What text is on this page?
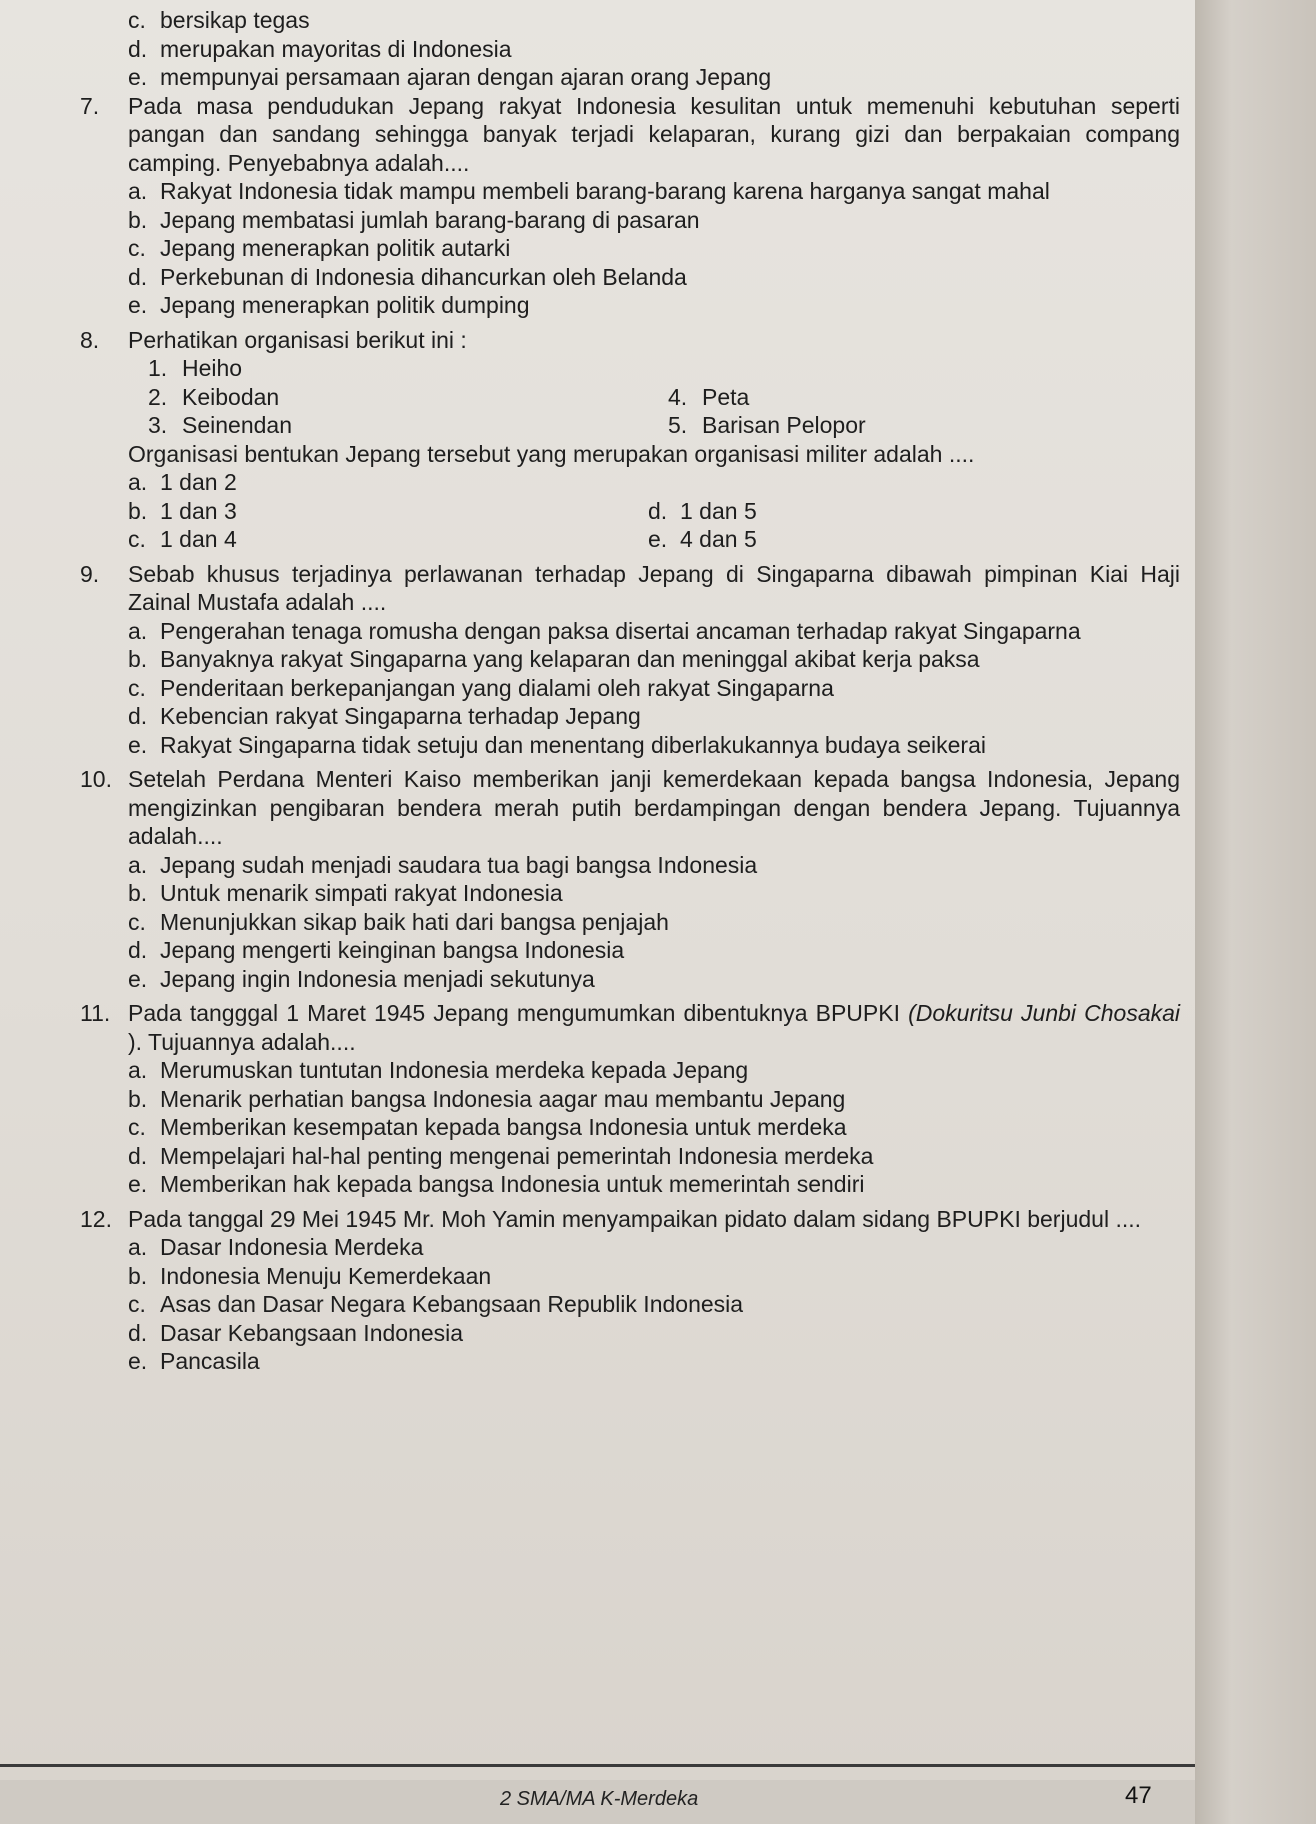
c. bersikap tegas
d. merupakan mayoritas di Indonesia
e. mempunyai persamaan ajaran dengan ajaran orang Jepang
7. Pada masa pendudukan Jepang rakyat Indonesia kesulitan untuk memenuhi kebutuhan seperti pangan dan sandang sehingga banyak terjadi kelaparan, kurang gizi dan berpakaian compang camping. Penyebabnya adalah....
a. Rakyat Indonesia tidak mampu membeli barang-barang karena harganya sangat mahal
b. Jepang membatasi jumlah barang-barang di pasaran
c. Jepang menerapkan politik autarki
d. Perkebunan di Indonesia dihancurkan oleh Belanda
e. Jepang menerapkan politik dumping
8. Perhatikan organisasi berikut ini :
1. Heiho
2. Keibodan	4. Peta
3. Seinendan	5. Barisan Pelopor
Organisasi bentukan Jepang tersebut yang merupakan organisasi militer adalah ....
a. 1 dan 2
b. 1 dan 3	d. 1 dan 5
c. 1 dan 4	e. 4 dan 5
9. Sebab khusus terjadinya perlawanan terhadap Jepang di Singaparna dibawah pimpinan Kiai Haji Zainal Mustafa adalah ....
a. Pengerahan tenaga romusha dengan paksa disertai ancaman terhadap rakyat Singaparna
b. Banyaknya rakyat Singaparna yang kelaparan dan meninggal akibat kerja paksa
c. Penderitaan berkepanjangan yang dialami oleh rakyat Singaparna
d. Kebencian rakyat Singaparna terhadap Jepang
e. Rakyat Singaparna tidak setuju dan menentang diberlakukannya budaya seikerai
10. Setelah Perdana Menteri Kaiso memberikan janji kemerdekaan kepada bangsa Indonesia, Jepang mengizinkan pengibaran bendera merah putih berdampingan dengan bendera Jepang. Tujuannya adalah....
a. Jepang sudah menjadi saudara tua bagi bangsa Indonesia
b. Untuk menarik simpati rakyat Indonesia
c. Menunjukkan sikap baik hati dari bangsa penjajah
d. Jepang mengerti keinginan bangsa Indonesia
e. Jepang ingin Indonesia menjadi sekutunya
11. Pada tangggal 1 Maret 1945 Jepang mengumumkan dibentuknya BPUPKI (Dokuritsu Junbi Chosakai ). Tujuannya adalah....
a. Merumuskan tuntutan Indonesia merdeka kepada Jepang
b. Menarik perhatian bangsa Indonesia aagar mau membantu Jepang
c. Memberikan kesempatan kepada bangsa Indonesia untuk merdeka
d. Mempelajari hal-hal penting mengenai pemerintah Indonesia merdeka
e. Memberikan hak kepada bangsa Indonesia untuk memerintah sendiri
12. Pada tanggal 29 Mei 1945 Mr. Moh Yamin menyampaikan pidato dalam sidang BPUPKI berjudul ....
a. Dasar Indonesia Merdeka
b. Indonesia Menuju Kemerdekaan
c. Asas dan Dasar Negara Kebangsaan Republik Indonesia
d. Dasar Kebangsaan Indonesia
e. Pancasila
2 SMA/MA K-Merdeka	47
